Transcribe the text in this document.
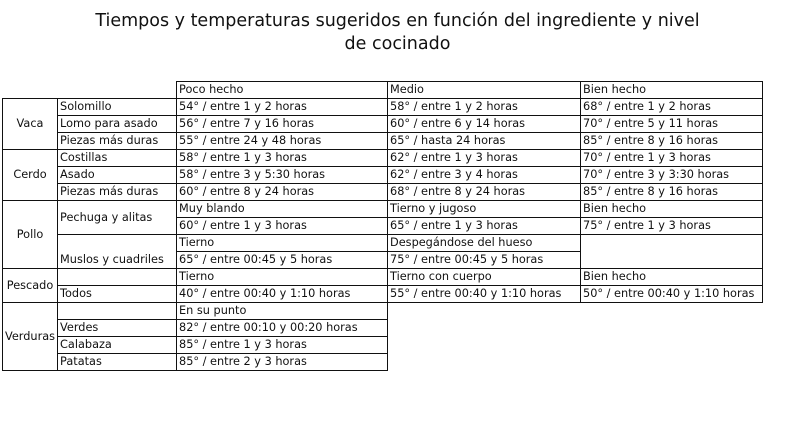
Tiempos y temperaturas sugeridos en función del ingrediente y nivel
de cocinado
		Poco hecho	Medio	Bien hecho
Vaca	Solomillo	54° / entre 1 y 2 horas	58° / entre 1 y 2 horas	68° / entre 1 y 2 horas
	Lomo para asado	56° / entre 7 y 16 horas	60° / entre 6 y 14 horas	70° / entre 5 y 11 horas
	Piezas más duras	55° / entre 24 y 48 horas	65° / hasta 24 horas	85° / entre 8 y 16 horas
Cerdo	Costillas	58° / entre 1 y 3 horas	62° / entre 1 y 3 horas	70° / entre 1 y 3 horas
	Asado	58° / entre 3 y 5:30 horas	62° / entre 3 y 4 horas	70° / entre 3 y 3:30 horas
	Piezas más duras	60° / entre 8 y 24 horas	68° / entre 8 y 24 horas	85° / entre 8 y 16 horas
Pollo	Pechuga y alitas	Muy blando	Tierno y jugoso	Bien hecho
		60° / entre 1 y 3 horas	65° / entre 1 y 3 horas	75° / entre 1 y 3 horas
	Muslos y cuadriles	Tierno	Despegándose del hueso	
		65° / entre 00:45 y 5 horas	75° / entre 00:45 y 5 horas	
Pescado		Tierno	Tierno con cuerpo	Bien hecho
	Todos	40° / entre 00:40 y 1:10 horas	55° / entre 00:40 y 1:10 horas	50° / entre 00:40 y 1:10 horas
Verduras		En su punto		
	Verdes	82° / entre 00:10 y 00:20 horas		
	Calabaza	85° / entre 1 y 3 horas		
	Patatas	85° / entre 2 y 3 horas		
